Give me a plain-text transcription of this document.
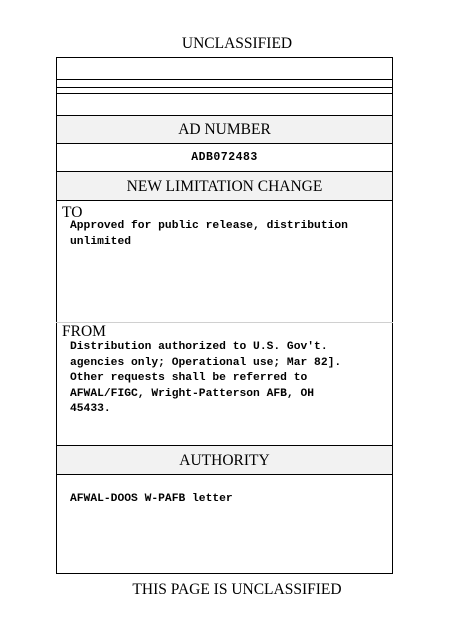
UNCLASSIFIED
AD NUMBER
ADB072483
NEW LIMITATION CHANGE
TO
Approved for public release, distribution
unlimited
FROM
Distribution authorized to U.S. Gov't.
agencies only; Operational use; Mar 82].
Other requests shall be referred to
AFWAL/FIGC, Wright-Patterson AFB, OH
45433.
AUTHORITY
AFWAL-DOOS W-PAFB letter
THIS PAGE IS UNCLASSIFIED
